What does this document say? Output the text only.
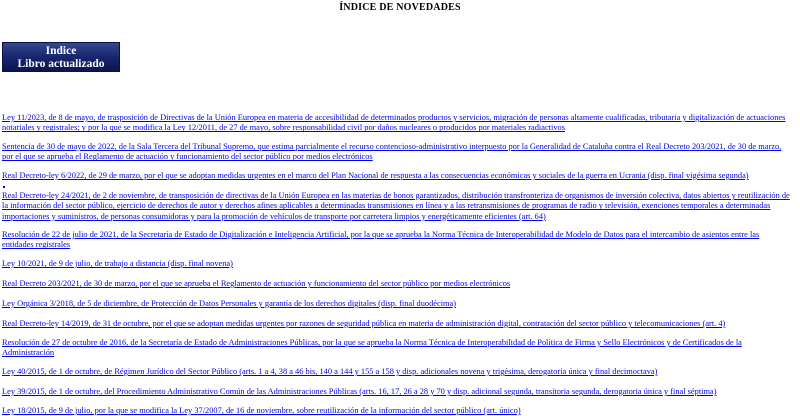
ÍNDICE DE NOVEDADES
Indice
Libro actualizado
Ley 11/2023, de 8 de mayo, de trasposición de Directivas de la Unión Europea en materia de accesibilidad de determinados productos y servicios, migración de personas altamente cualificadas, tributaria y digitalización de actuaciones notariales y registrales; y por la que se modifica la Ley 12/2011, de 27 de mayo, sobre responsabilidad civil por daños nucleares o producidos por materiales radiactivos
Sentencia de 30 de mayo de 2022, de la Sala Tercera del Tribunal Supremo, que estima parcialmente el recurso contencioso-administrativo interpuesto por la Generalidad de Cataluña contra el Real Decreto 203/2021, de 30 de marzo, por el que se aprueba el Reglamento de actuación y funcionamiento del sector público por medios electrónicos
Real Decreto-ley 6/2022, de 29 de marzo, por el que se adoptan medidas urgentes en el marco del Plan Nacional de respuesta a las consecuencias económicas y sociales de la guerra en Ucrania (disp. final vigésima segunda)
Real Decreto-ley 24/2021, de 2 de noviembre, de transposición de directivas de la Unión Europea en las materias de bonos garantizados, distribución transfronteriza de organismos de inversión colectiva, datos abiertos y reutilización de la información del sector público, ejercicio de derechos de autor y derechos afines aplicables a determinadas transmisiones en línea y a las retransmisiones de programas de radio y televisión, exenciones temporales a determinadas importaciones y suministros, de personas consumidoras y para la promoción de vehículos de transporte por carretera limpios y energéticamente eficientes (art. 64)
Resolución de 22 de julio de 2021, de la Secretaría de Estado de Digitalización e Inteligencia Artificial, por la que se aprueba la Norma Técnica de Interoperabilidad de Modelo de Datos para el intercambio de asientos entre las entidades registrales
Ley 10/2021, de 9 de julio, de trabajo a distancia (disp. final novena)
Real Decreto 203/2021, de 30 de marzo, por el que se aprueba el Reglamento de actuación y funcionamiento del sector público por medios electrónicos
Ley Orgánica 3/2018, de 5 de diciembre, de Protección de Datos Personales y garantía de los derechos digitales (disp. final duodécima)
Real Decreto-ley 14/2019, de 31 de octubre, por el que se adoptan medidas urgentes por razones de seguridad pública en materia de administración digital, contratación del sector público y telecomunicaciones (art. 4)
Resolución de 27 de octubre de 2016, de la Secretaría de Estado de Administraciones Públicas, por la que se aprueba la Norma Técnica de Interoperabilidad de Política de Firma y Sello Electrónicos y de Certificados de la Administración
Ley 40/2015, de 1 de octubre, de Régimen Jurídico del Sector Público (arts. 1 a 4, 38 a 46 bis, 140 a 144 y 155 a 158 y disp. adicionales novena y trigésima, derogatoria única y final decimoctava)
Ley 39/2015, de 1 de octubre, del Procedimiento Administrativo Común de las Administraciones Públicas (arts. 16, 17, 26 a 28 y 70 y disp. adicional segunda, transitoria segunda, derogatoria única y final séptima)
Ley 18/2015, de 9 de julio, por la que se modifica la Ley 37/2007, de 16 de noviembre, sobre reutilización de la información del sector público (art. único)
